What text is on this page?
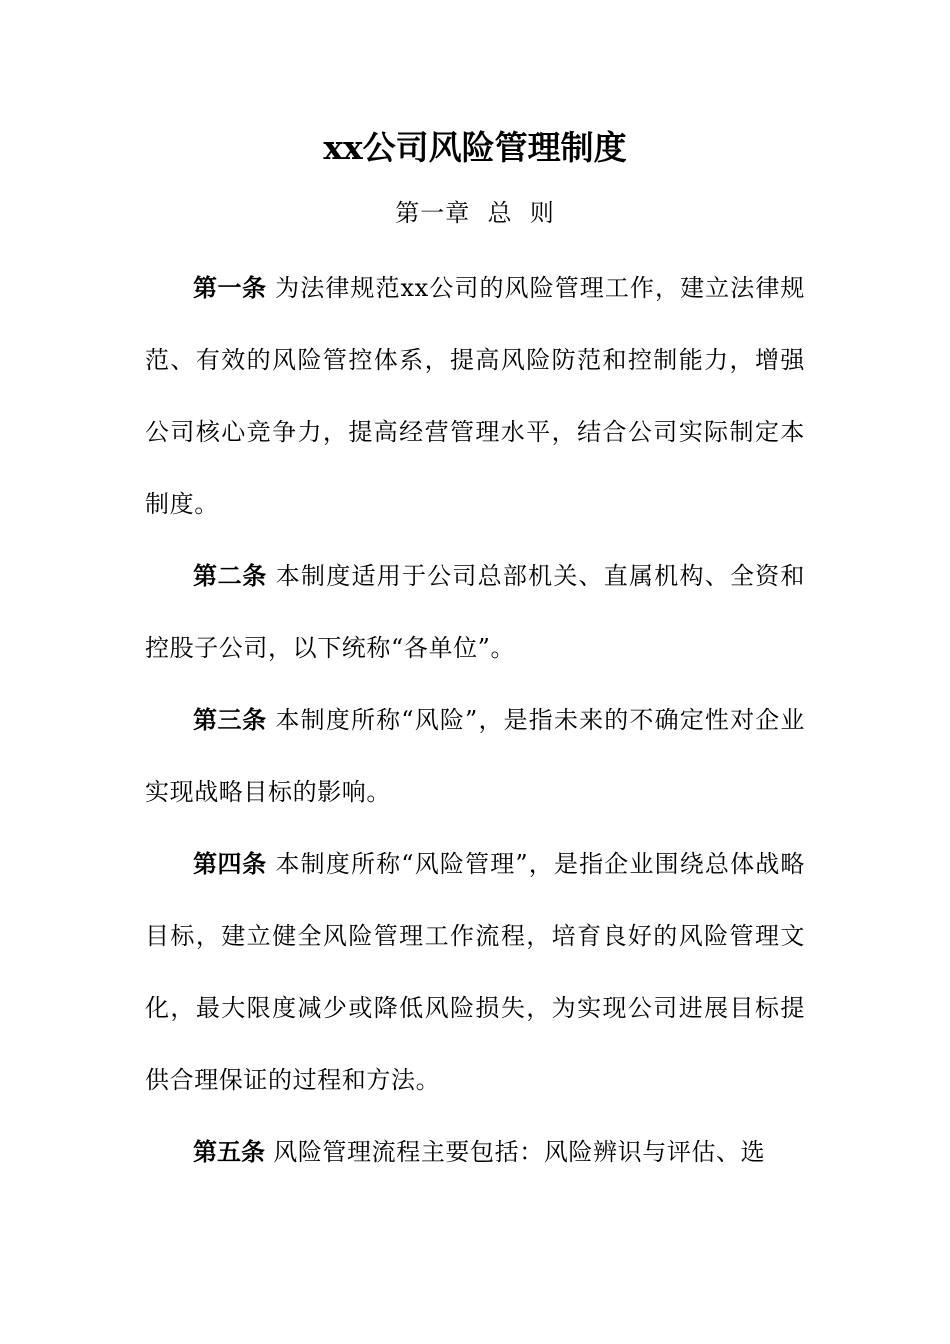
xx公司风险管理制度
第一章  总  则

第一条 为法律规范xx公司的风险管理工作，建立法律规范、有效的风险管控体系，提高风险防范和控制能力，增强公司核心竞争力，提高经营管理水平，结合公司实际制定本制度。

第二条 本制度适用于公司总部机关、直属机构、全资和控股子公司，以下统称“各单位”。

第三条 本制度所称“风险”，是指未来的不确定性对企业实现战略目标的影响。

第四条 本制度所称“风险管理”，是指企业围绕总体战略目标，建立健全风险管理工作流程，培育良好的风险管理文化，最大限度减少或降低风险损失，为实现公司进展目标提供合理保证的过程和方法。

第五条 风险管理流程主要包括：风险辨识与评估、选
